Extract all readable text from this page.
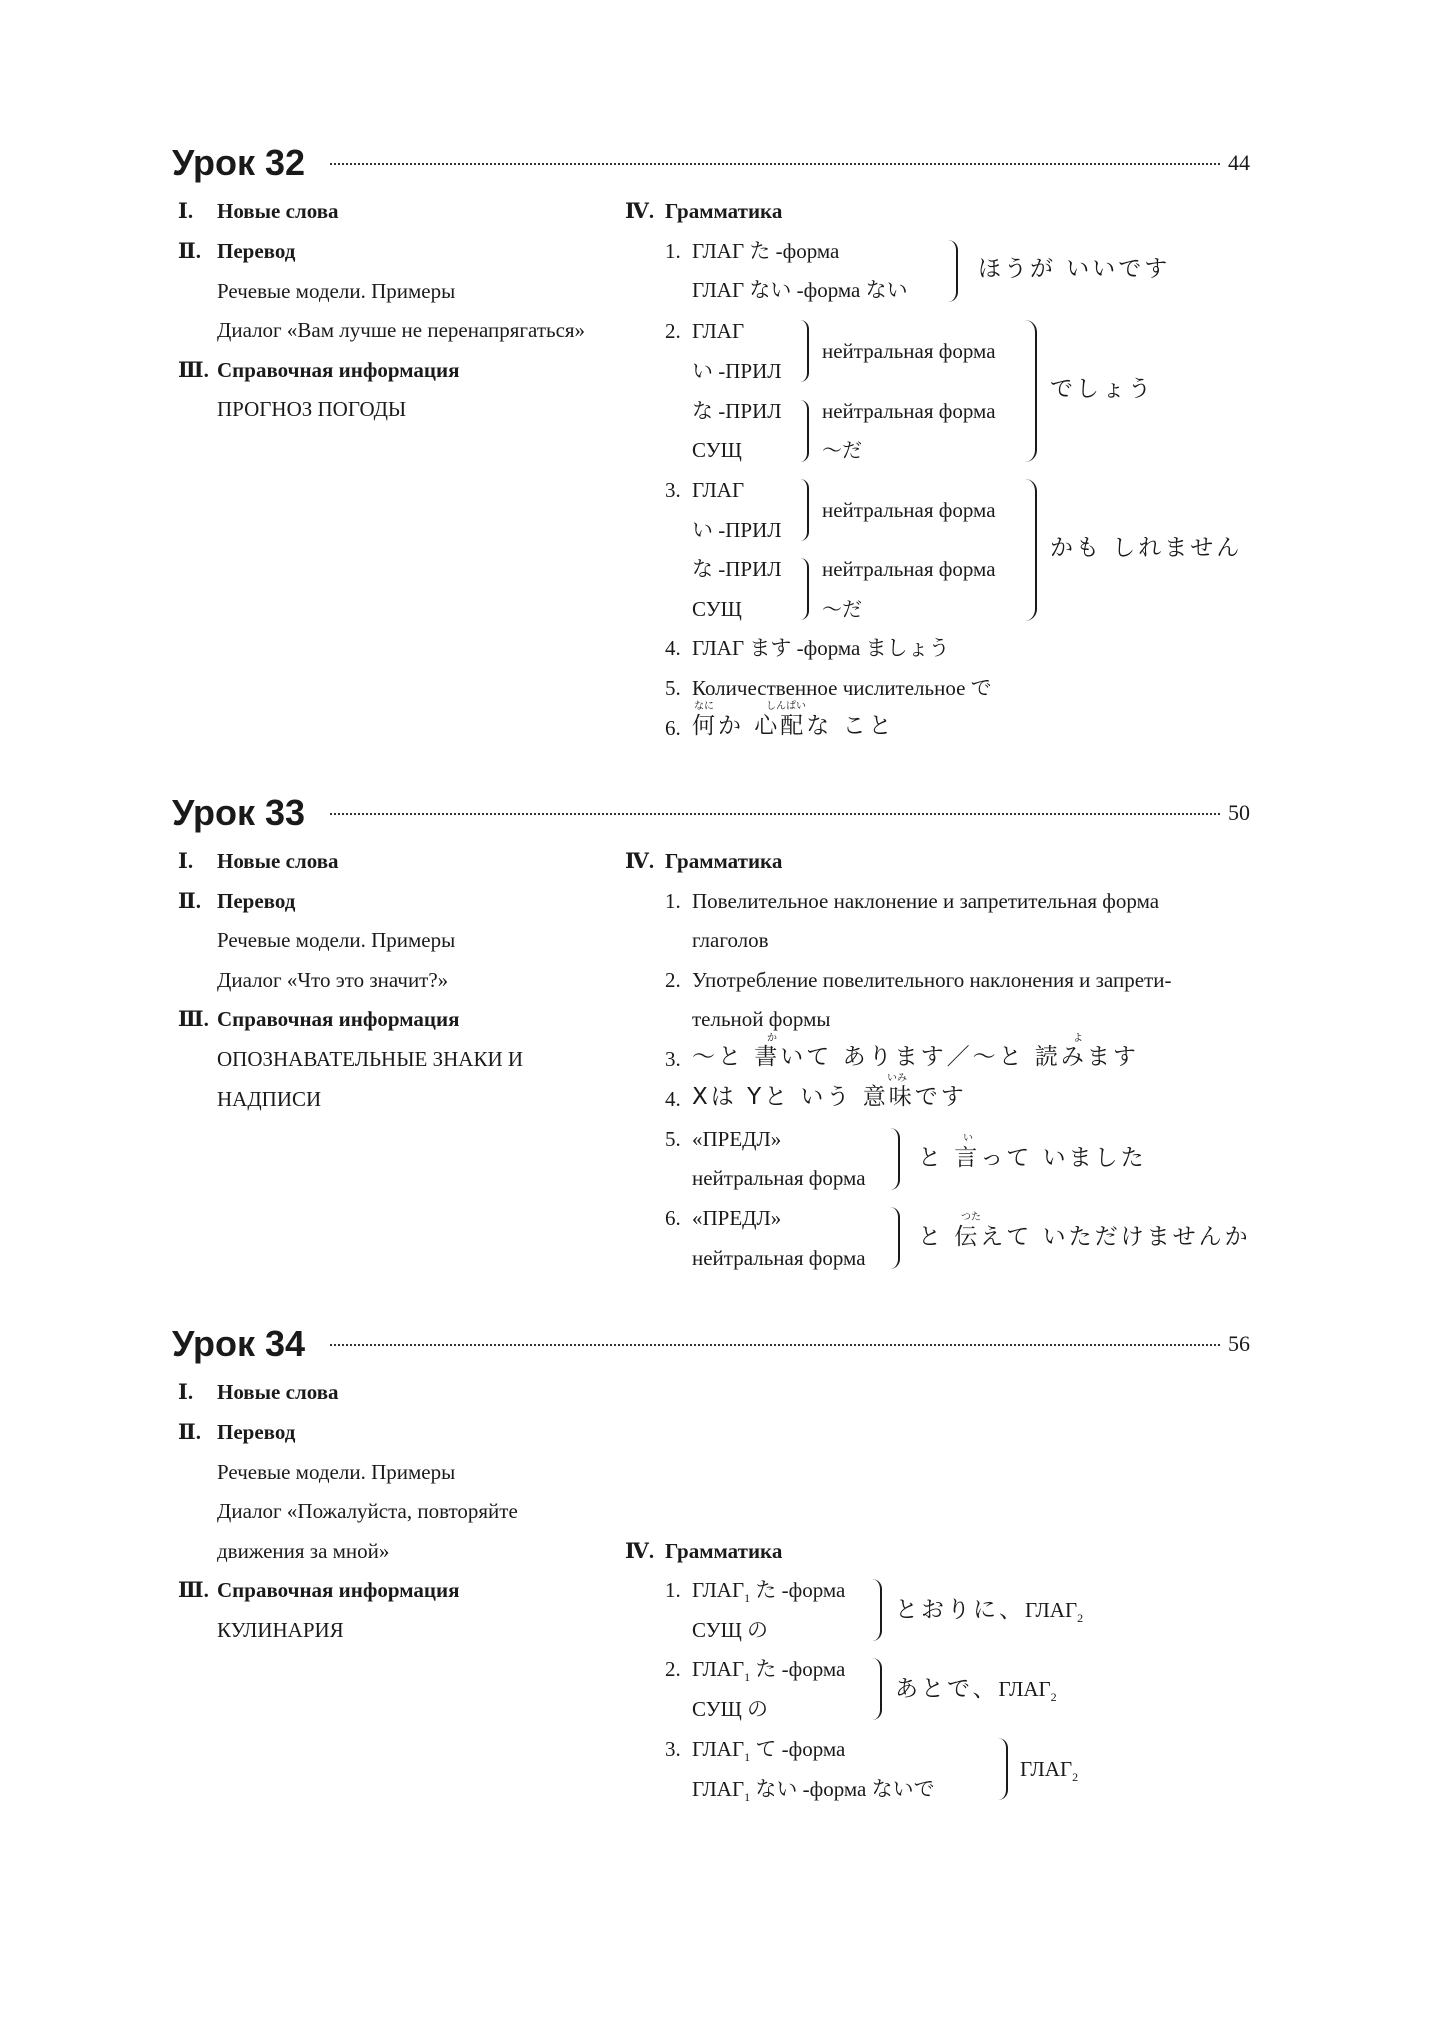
Урок 32	44
Ⅰ. Новые слова
Ⅱ. Перевод
Речевые модели. Примеры
Диалог «Вам лучше не перенапрягаться»
Ⅲ. Справочная информация
ПРОГНОЗ ПОГОДЫ
Ⅳ. Грамматика
1. ГЛАГ た -форма
ГЛАГ ない -форма ない
ほうが いいです
2. ГЛАГ
い -ПРИЛ
な -ПРИЛ
СУЩ
нейтральная форма
нейтральная форма
～だ
でしょう
3. ГЛАГ
い -ПРИЛ
な -ПРИЛ
СУЩ
нейтральная форма
нейтральная форма
～だ
かも しれません
4. ГЛАГ ます -форма ましょう
5. Количественное числительное で
6.
なに	しんぱい
何か 心配な こと
Урок 33	50
Ⅰ. Новые слова
Ⅱ. Перевод
Речевые модели. Примеры
Диалог «Что это значит?»
Ⅲ. Справочная информация
ОПОЗНАВАТЕЛЬНЫЕ ЗНАКИ И
НАДПИСИ
Ⅳ. Грамматика
1. Повелительное наклонение и запретительная форма
глаголов
2. Употребление повелительного наклонения и запрети-
тельной формы
3.
か	よ
～と 書いて あります／～と 読みます
4.
いみ
Xは Yと いう 意味です
5. «ПРЕДЛ»
нейтральная форма
い
と 言って いました
6. «ПРЕДЛ»
нейтральная форма
つた
と 伝えて いただけませんか
Урок 34	56
Ⅰ. Новые слова
Ⅱ. Перевод
Речевые модели. Примеры
Диалог «Пожалуйста, повторяйте
движения за мной»
Ⅲ. Справочная информация
КУЛИНАРИЯ
Ⅳ. Грамматика
1. $ГЛАГ_1$ た -форма
СУЩ の
とおりに、$ГЛАГ_2$
2. $ГЛАГ_1$ た -форма
СУЩ の
あとで、$ГЛАГ_2$
3. $ГЛАГ_1$ て -форма
$ГЛАГ_1$ ない -форма ないで
$ГЛАГ_2$
